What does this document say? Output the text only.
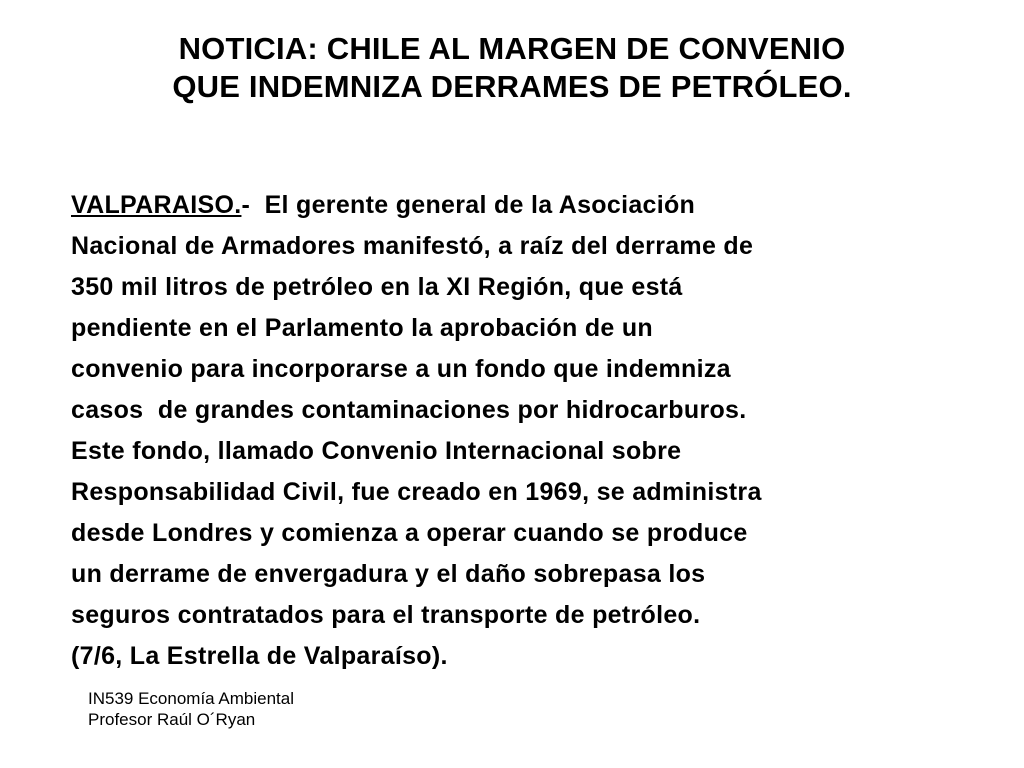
NOTICIA: CHILE AL MARGEN DE CONVENIO
QUE INDEMNIZA DERRAMES DE PETRÓLEO.
VALPARAISO.-  El gerente general de la Asociación
Nacional de Armadores manifestó, a raíz del derrame de
350 mil litros de petróleo en la XI Región, que está
pendiente en el Parlamento la aprobación de un
convenio para incorporarse a un fondo que indemniza
casos  de grandes contaminaciones por hidrocarburos.
Este fondo, llamado Convenio Internacional sobre
Responsabilidad Civil, fue creado en 1969, se administra
desde Londres y comienza a operar cuando se produce
un derrame de envergadura y el daño sobrepasa los
seguros contratados para el transporte de petróleo.
(7/6, La Estrella de Valparaíso).
IN539 Economía Ambiental
Profesor Raúl O´Ryan
